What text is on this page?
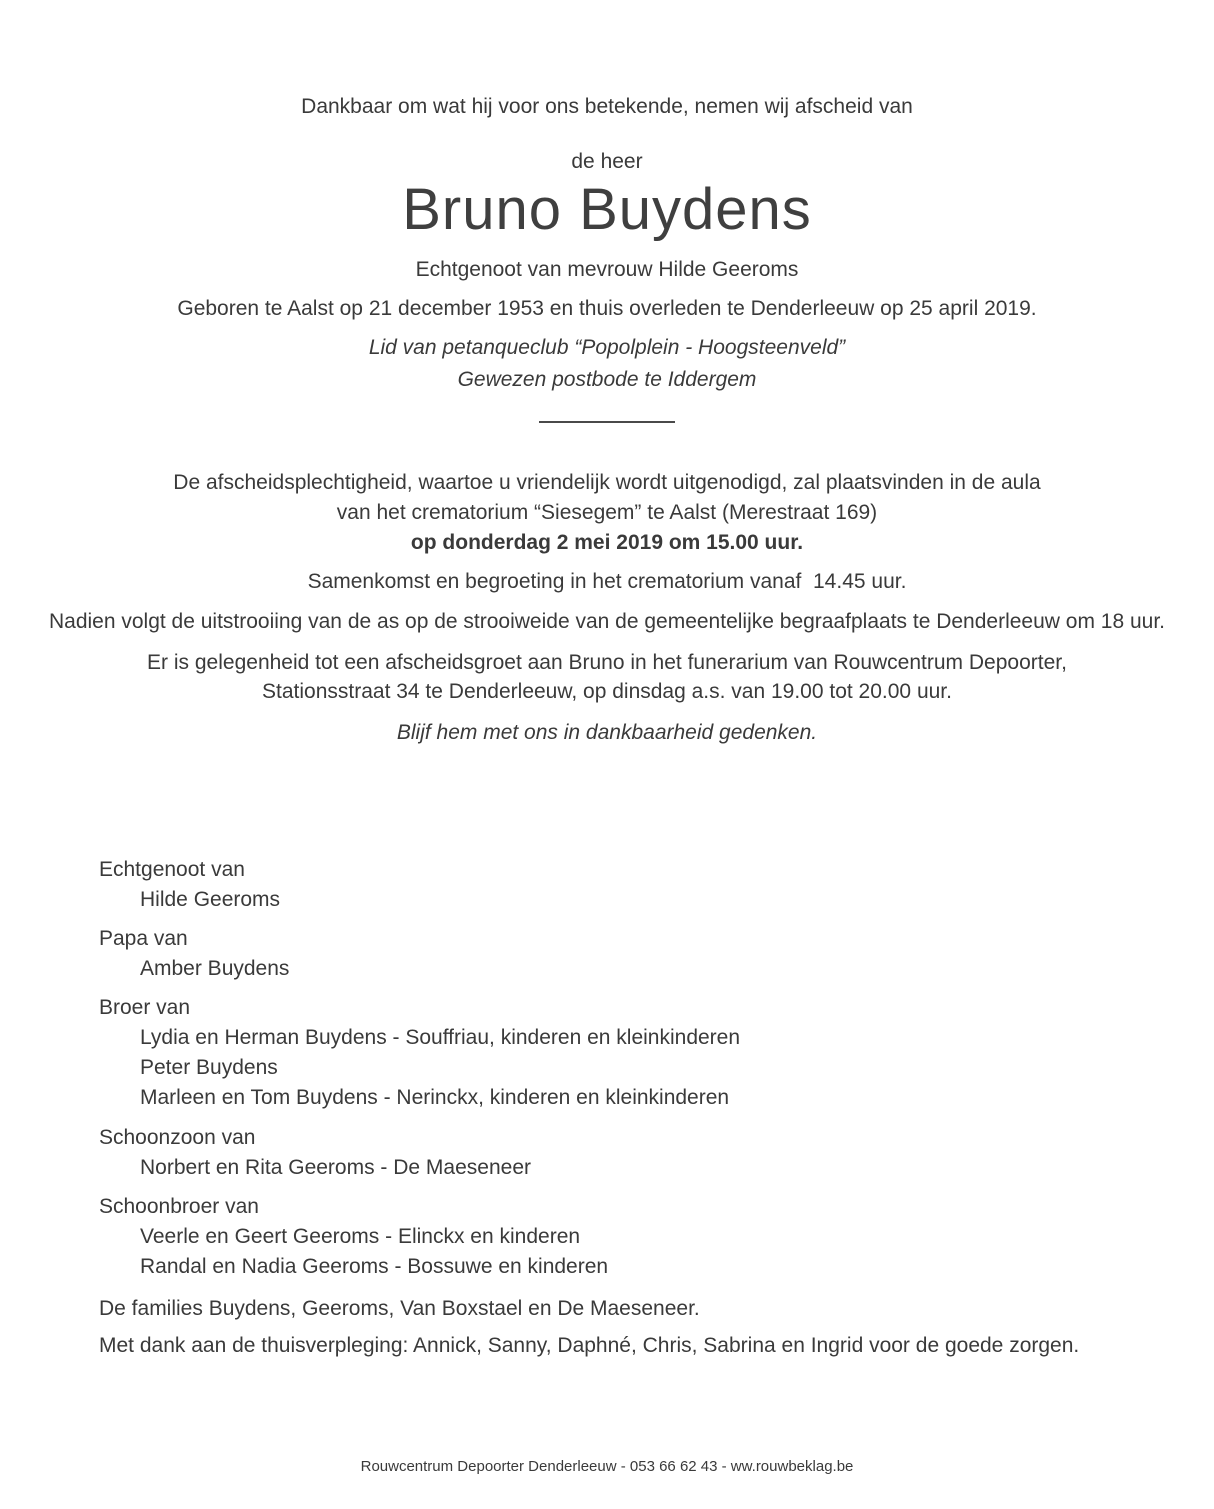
Dankbaar om wat hij voor ons betekende, nemen wij afscheid van

de heer

Bruno Buydens

Echtgenoot van mevrouw Hilde Geeroms

Geboren te Aalst op 21 december 1953 en thuis overleden te Denderleeuw op 25 april 2019.

Lid van petanqueclub “Popolplein - Hoogsteenveld”

Gewezen postbode te Iddergem

De afscheidsplechtigheid, waartoe u vriendelijk wordt uitgenodigd, zal plaatsvinden in de aula

van het crematorium “Siesegem” te Aalst (Merestraat 169)

op donderdag 2 mei 2019 om 15.00 uur.

Samenkomst en begroeting in het crematorium vanaf  14.45 uur.

Nadien volgt de uitstrooiing van de as op de strooiweide van de gemeentelijke begraafplaats te Denderleeuw om 18 uur.

Er is gelegenheid tot een afscheidsgroet aan Bruno in het funerarium van Rouwcentrum Depoorter,

Stationsstraat 34 te Denderleeuw, op dinsdag a.s. van 19.00 tot 20.00 uur.

Blijf hem met ons in dankbaarheid gedenken.

Echtgenoot van

Hilde Geeroms

Papa van

Amber Buydens

Broer van

Lydia en Herman Buydens - Souffriau, kinderen en kleinkinderen

Peter Buydens

Marleen en Tom Buydens - Nerinckx, kinderen en kleinkinderen

Schoonzoon van

Norbert en Rita Geeroms - De Maeseneer

Schoonbroer van

Veerle en Geert Geeroms - Elinckx en kinderen

Randal en Nadia Geeroms - Bossuwe en kinderen

De families Buydens, Geeroms, Van Boxstael en De Maeseneer.

Met dank aan de thuisverpleging: Annick, Sanny, Daphné, Chris, Sabrina en Ingrid voor de goede zorgen.

Rouwcentrum Depoorter Denderleeuw - 053 66 62 43 - ww.rouwbeklag.be
